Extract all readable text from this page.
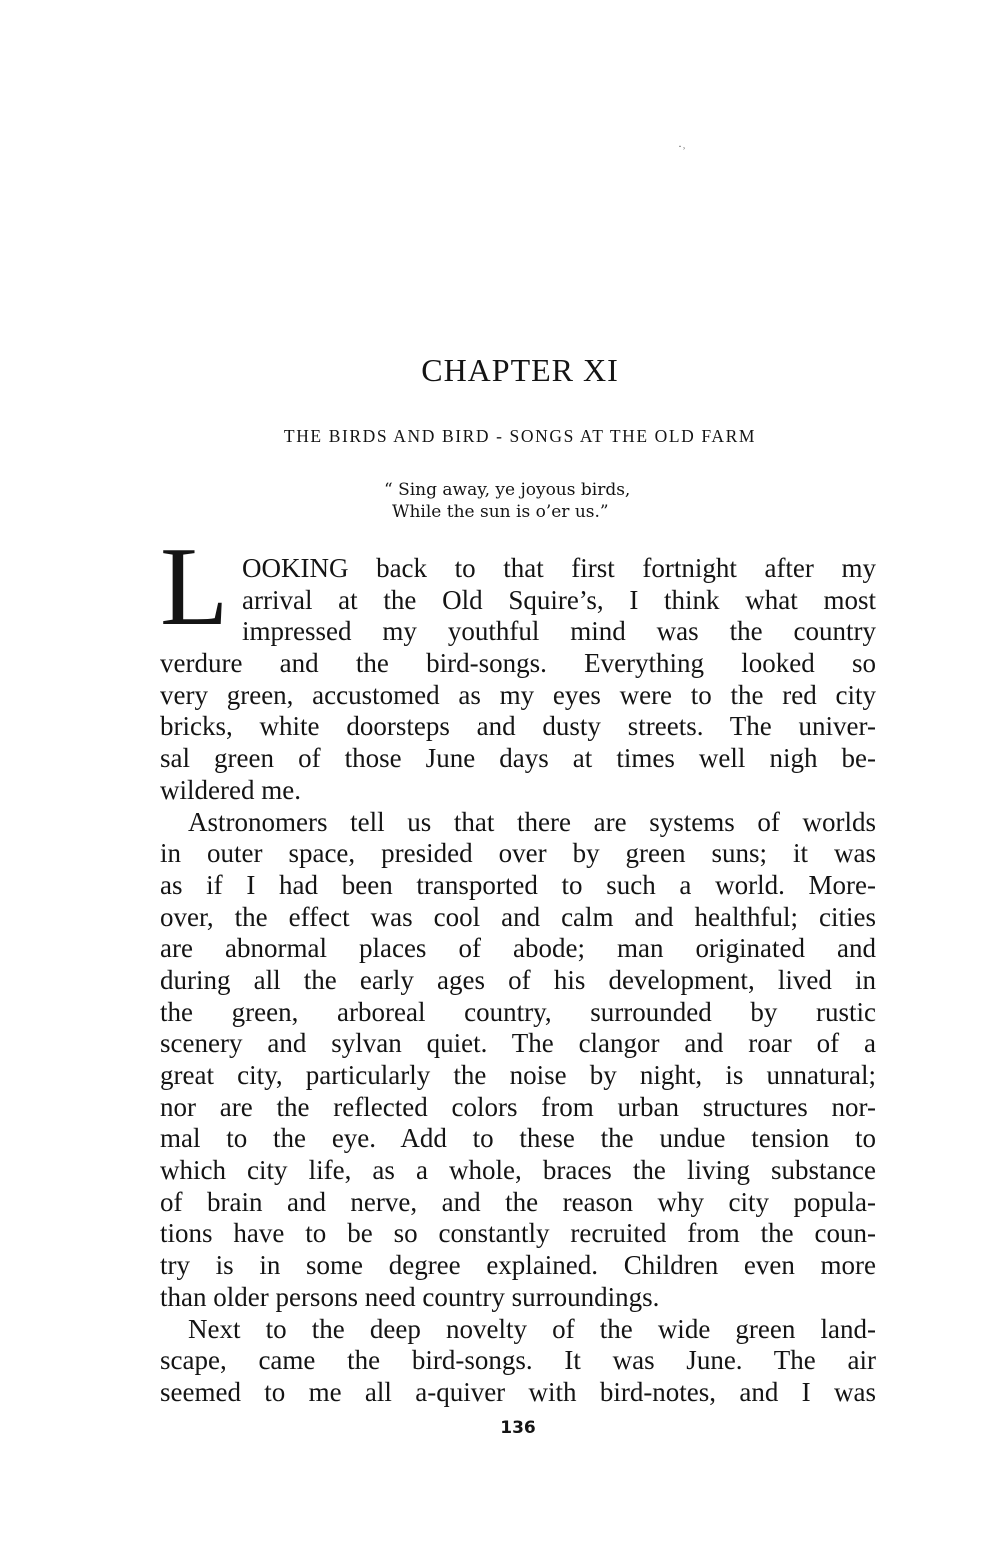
·˒
CHAPTER XI
THE BIRDS AND BIRD - SONGS AT THE OLD FARM
“ Sing away, ye joyous birds,
While the sun is o’er us.”
L OOKING back to that first fortnight after my
arrival at the Old Squire’s, I think what most
impressed my youthful mind was the country
verdure and the bird-songs. Everything looked so
very green, accustomed as my eyes were to the red city
bricks, white doorsteps and dusty streets. The univer-
sal green of those June days at times well nigh be-
wildered me.
Astronomers tell us that there are systems of worlds
in outer space, presided over by green suns; it was
as if I had been transported to such a world. More-
over, the effect was cool and calm and healthful; cities
are abnormal places of abode; man originated and
during all the early ages of his development, lived in
the green, arboreal country, surrounded by rustic
scenery and sylvan quiet. The clangor and roar of a
great city, particularly the noise by night, is unnatural;
nor are the reflected colors from urban structures nor-
mal to the eye. Add to these the undue tension to
which city life, as a whole, braces the living substance
of brain and nerve, and the reason why city popula-
tions have to be so constantly recruited from the coun-
try is in some degree explained. Children even more
than older persons need country surroundings.
Next to the deep novelty of the wide green land-
scape, came the bird-songs. It was June. The air
seemed to me all a-quiver with bird-notes, and I was
136
